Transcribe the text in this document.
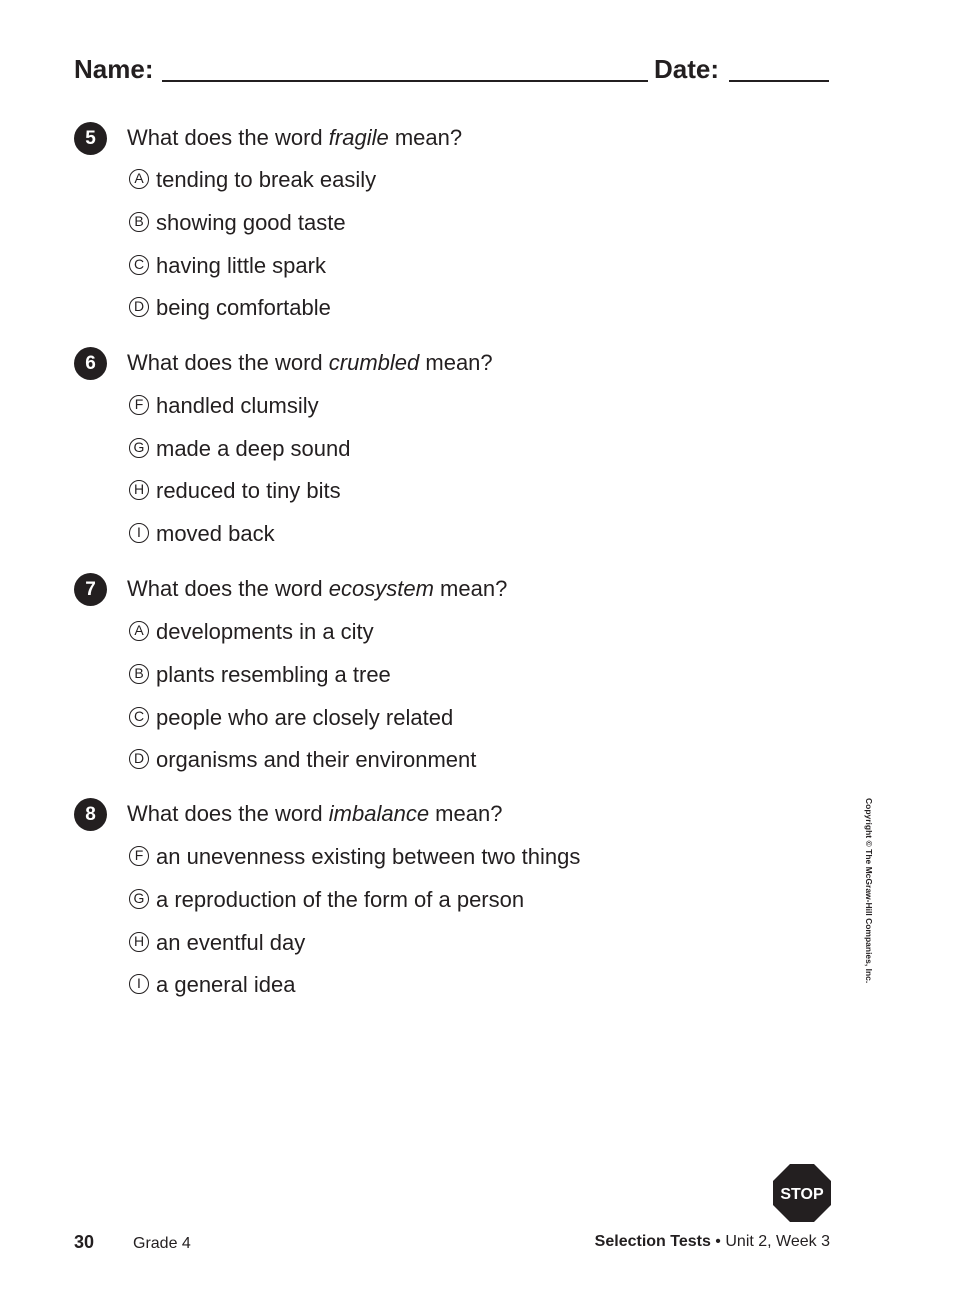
Name:	Date:
5	What does the word fragile mean?
A tending to break easily
B showing good taste
C having little spark
D being comfortable
6	What does the word crumbled mean?
F handled clumsily
G made a deep sound
H reduced to tiny bits
I moved back
7	What does the word ecosystem mean?
A developments in a city
B plants resembling a tree
C people who are closely related
D organisms and their environment
8	What does the word imbalance mean?
F an unevenness existing between two things
G a reproduction of the form of a person
H an eventful day
I a general idea
Copyright © The McGraw-Hill Companies, Inc.
STOP
30 Grade 4	Selection Tests • Unit 2, Week 3
